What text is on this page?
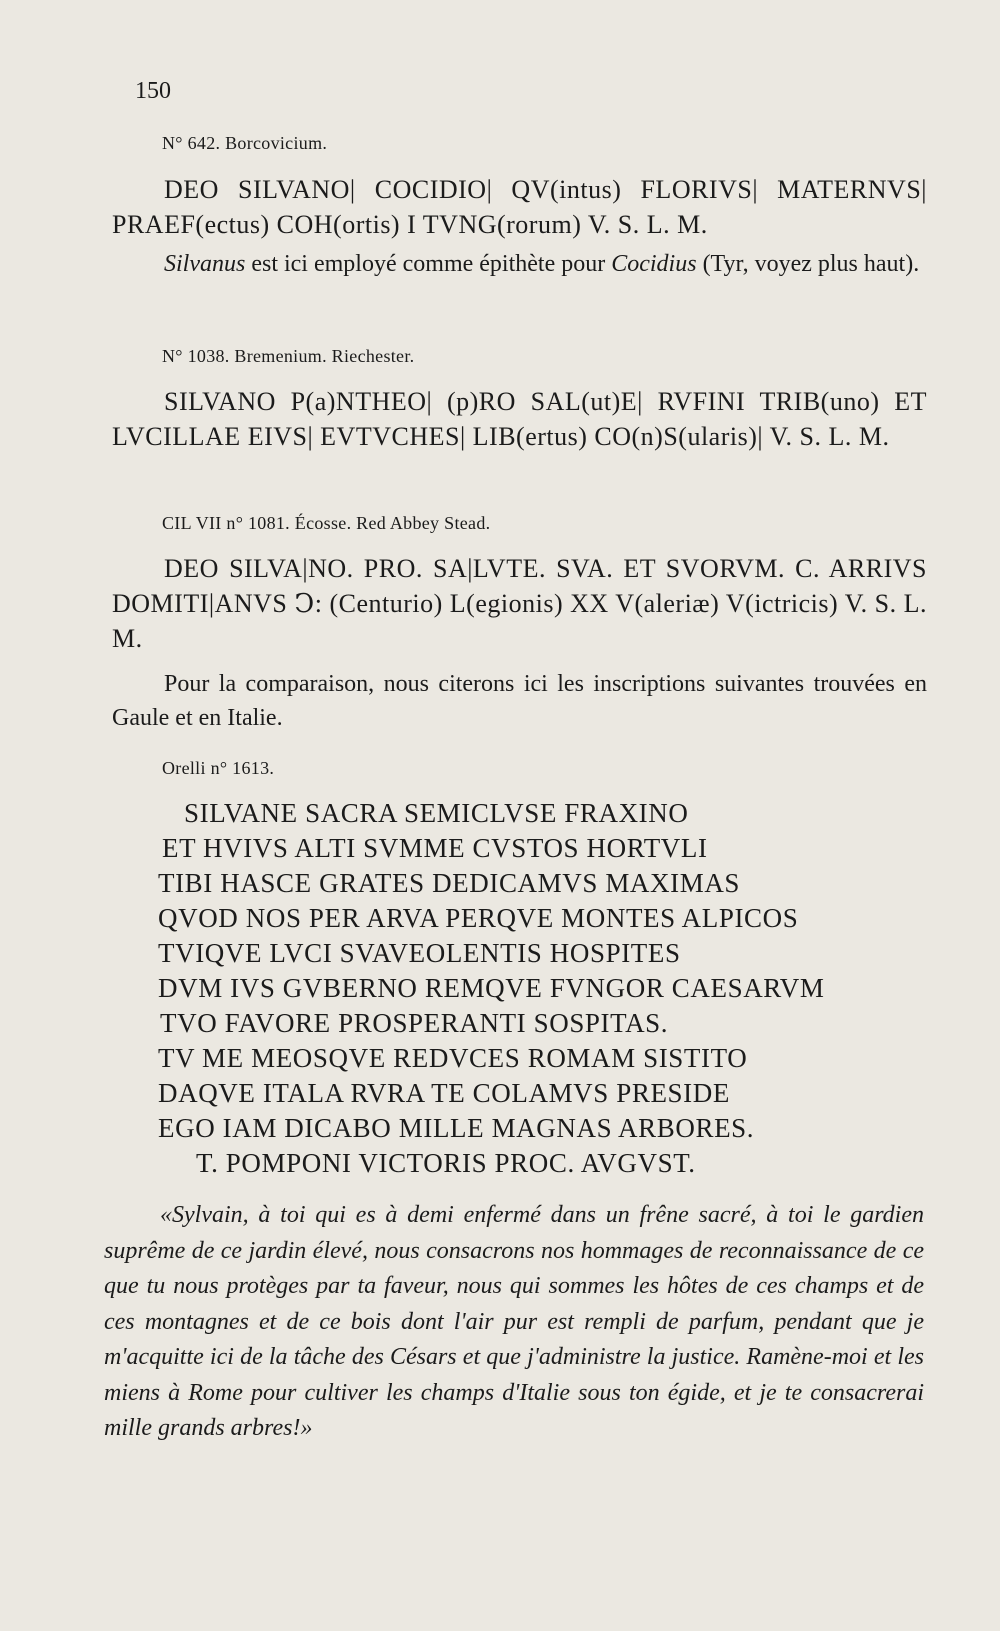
150
N° 642. Borcovicium.
DEO SILVANO| COCIDIO| QV(intus) FLORIVS| MATERNVS| PRAEF(ectus) COH(ortis) I TVNG(rorum) V. S. L. M.
Silvanus est ici employé comme épithète pour Cocidius (Tyr, voyez plus haut).
N° 1038. Bremenium. Riechester.
SILVANO P(a)NTHEO| (p)RO SAL(ut)E| RVFINI TRIB(uno) ET LVCILLAE EIVS| EVTVCHES| LIB(ertus) CO(n)S(ularis)| V. S. L. M.
CIL VII n° 1081. Écosse. Red Abbey Stead.
DEO SILVA|NO. PRO. SA|LVTE. SVA. ET SVORVM. C. ARRIVS DOMITI|ANVS Ↄ: (Centurio) L(egionis) XX V(aleriæ) V(ictricis) V. S. L. M.
Pour la comparaison, nous citerons ici les inscriptions suivantes trouvées en Gaule et en Italie.
Orelli n° 1613.
SILVANE SACRA SEMICLVSE FRAXINO
ET HVIVS ALTI SVMME CVSTOS HORTVLI
TIBI HASCE GRATES DEDICAMVS MAXIMAS
QVOD NOS PER ARVA PERQVE MONTES ALPICOS
TVIQVE LVCI SVAVEOLENTIS HOSPITES
DVM IVS GVBERNO REMQVE FVNGOR CAESARVM
TVO FAVORE PROSPERANTI SOSPITAS.
TV ME MEOSQVE REDVCES ROMAM SISTITO
DAQVE ITALA RVRA TE COLAMVS PRESIDE
EGO IAM DICABO MILLE MAGNAS ARBORES.
T. POMPONI VICTORIS PROC. AVGVST.
«Sylvain, à toi qui es à demi enfermé dans un frêne sacré, à toi le gardien suprême de ce jardin élevé, nous consacrons nos hommages de reconnaissance de ce que tu nous protèges par ta faveur, nous qui sommes les hôtes de ces champs et de ces montagnes et de ce bois dont l'air pur est rempli de parfum, pendant que je m'acquitte ici de la tâche des Césars et que j'administre la justice. Ramène-moi et les miens à Rome pour cultiver les champs d'Italie sous ton égide, et je te consacrerai mille grands arbres!»
